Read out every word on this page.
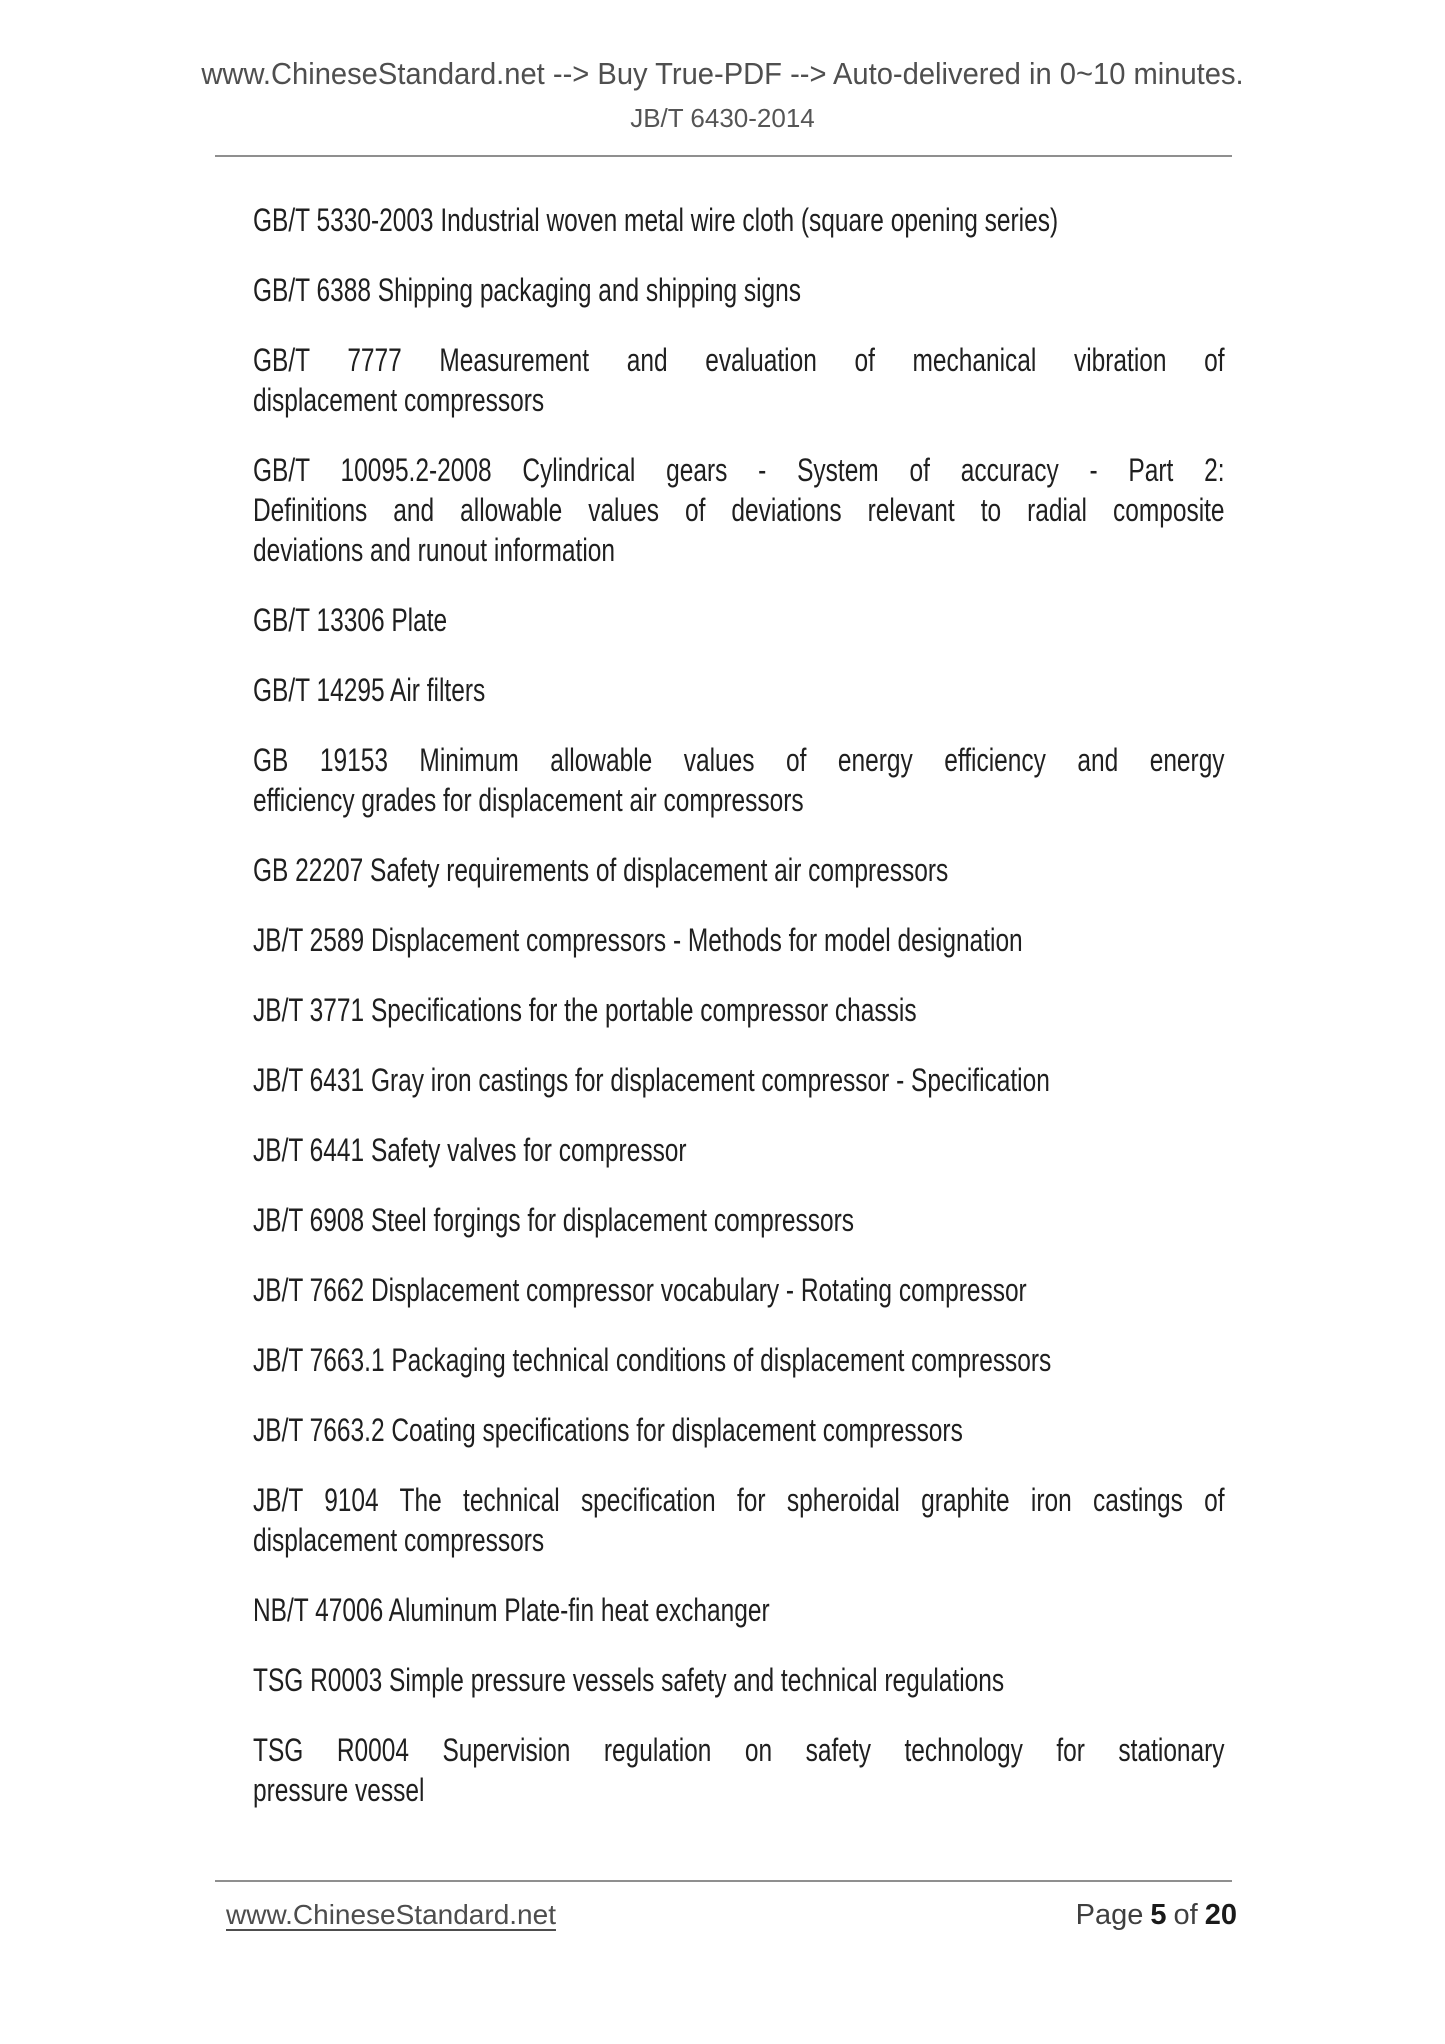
www.ChineseStandard.net --> Buy True-PDF --> Auto-delivered in 0~10 minutes.
JB/T 6430-2014

GB/T 5330-2003 Industrial woven metal wire cloth (square opening series)

GB/T 6388 Shipping packaging and shipping signs

GB/T 7777 Measurement and evaluation of mechanical vibration of
displacement compressors

GB/T 10095.2-2008 Cylindrical gears - System of accuracy - Part 2:
Definitions and allowable values of deviations relevant to radial composite
deviations and runout information

GB/T 13306 Plate

GB/T 14295 Air filters

GB 19153 Minimum allowable values of energy efficiency and energy
efficiency grades for displacement air compressors

GB 22207 Safety requirements of displacement air compressors

JB/T 2589 Displacement compressors - Methods for model designation

JB/T 3771 Specifications for the portable compressor chassis

JB/T 6431 Gray iron castings for displacement compressor - Specification

JB/T 6441 Safety valves for compressor

JB/T 6908 Steel forgings for displacement compressors

JB/T 7662 Displacement compressor vocabulary - Rotating compressor

JB/T 7663.1 Packaging technical conditions of displacement compressors

JB/T 7663.2 Coating specifications for displacement compressors

JB/T 9104 The technical specification for spheroidal graphite iron castings of
displacement compressors

NB/T 47006 Aluminum Plate-fin heat exchanger

TSG R0003 Simple pressure vessels safety and technical regulations

TSG R0004 Supervision regulation on safety technology for stationary
pressure vessel

www.ChineseStandard.net	Page 5 of 20
